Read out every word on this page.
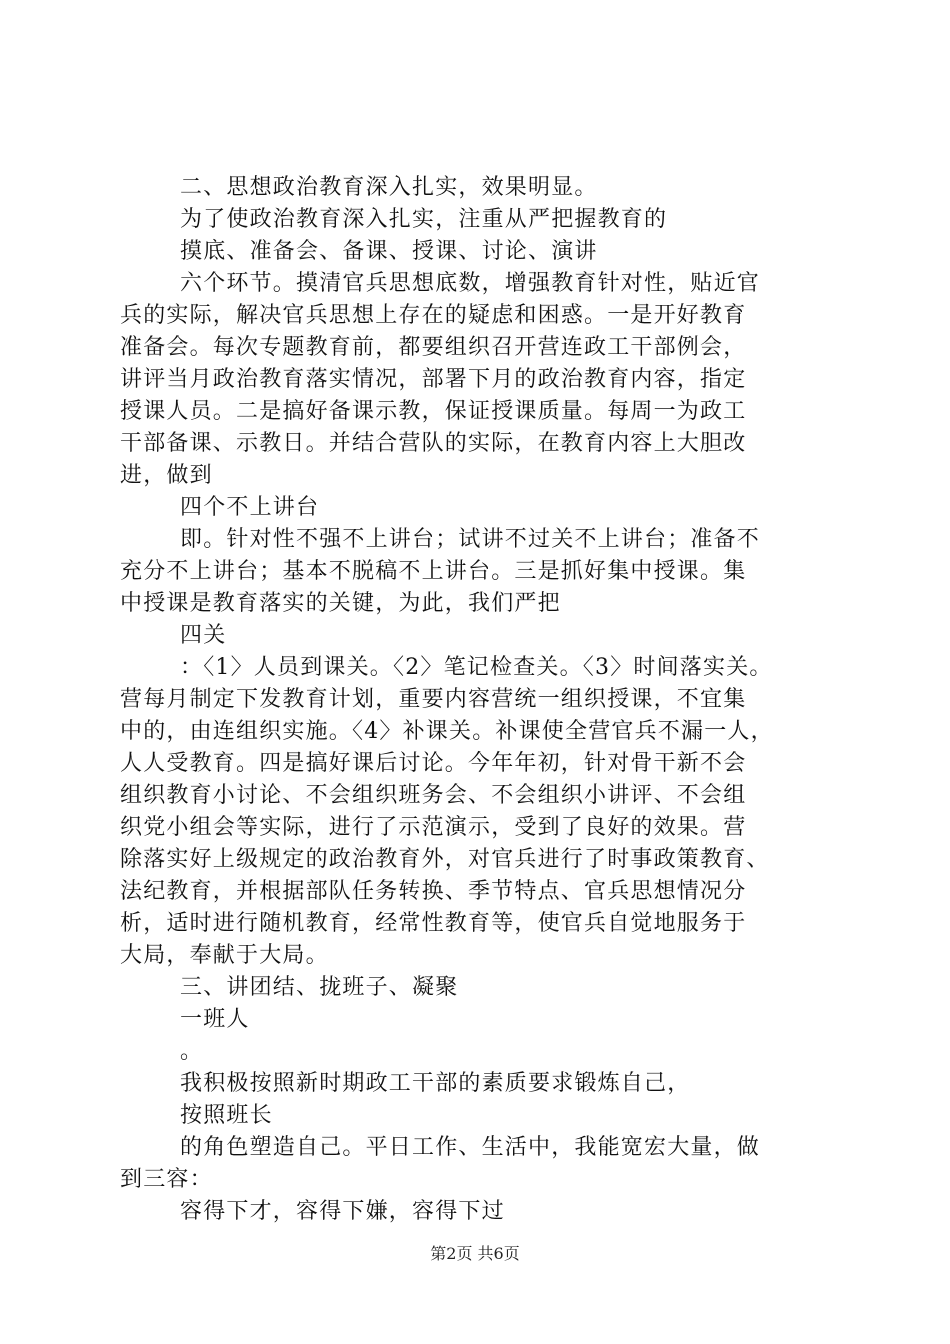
二、思想政治教育深入扎实，效果明显。
为了使政治教育深入扎实，注重从严把握教育的
摸底、准备会、备课、授课、讨论、演讲
六个环节。摸清官兵思想底数，增强教育针对性，贴近官
兵的实际，解决官兵思想上存在的疑虑和困惑。一是开好教育
准备会。每次专题教育前，都要组织召开营连政工干部例会，
讲评当月政治教育落实情况，部署下月的政治教育内容，指定
授课人员。二是搞好备课示教，保证授课质量。每周一为政工
干部备课、示教日。并结合营队的实际，在教育内容上大胆改
进，做到
四个不上讲台
即。针对性不强不上讲台；试讲不过关不上讲台；准备不
充分不上讲台；基本不脱稿不上讲台。三是抓好集中授课。集
中授课是教育落实的关键，为此，我们严把
四关
：〈1〉人员到课关。〈2〉笔记检查关。〈3〉时间落实关。
营每月制定下发教育计划，重要内容营统一组织授课，不宜集
中的，由连组织实施。〈4〉补课关。补课使全营官兵不漏一人，
人人受教育。四是搞好课后讨论。今年年初，针对骨干新不会
组织教育小讨论、不会组织班务会、不会组织小讲评、不会组
织党小组会等实际，进行了示范演示，受到了良好的效果。营
除落实好上级规定的政治教育外，对官兵进行了时事政策教育、
法纪教育，并根据部队任务转换、季节特点、官兵思想情况分
析，适时进行随机教育，经常性教育等，使官兵自觉地服务于
大局，奉献于大局。
三、讲团结、拢班子、凝聚
一班人
。
我积极按照新时期政工干部的素质要求锻炼自己，
按照班长
的角色塑造自己。平日工作、生活中，我能宽宏大量，做
到三容：
容得下才，容得下嫌，容得下过
第2页 共6页
